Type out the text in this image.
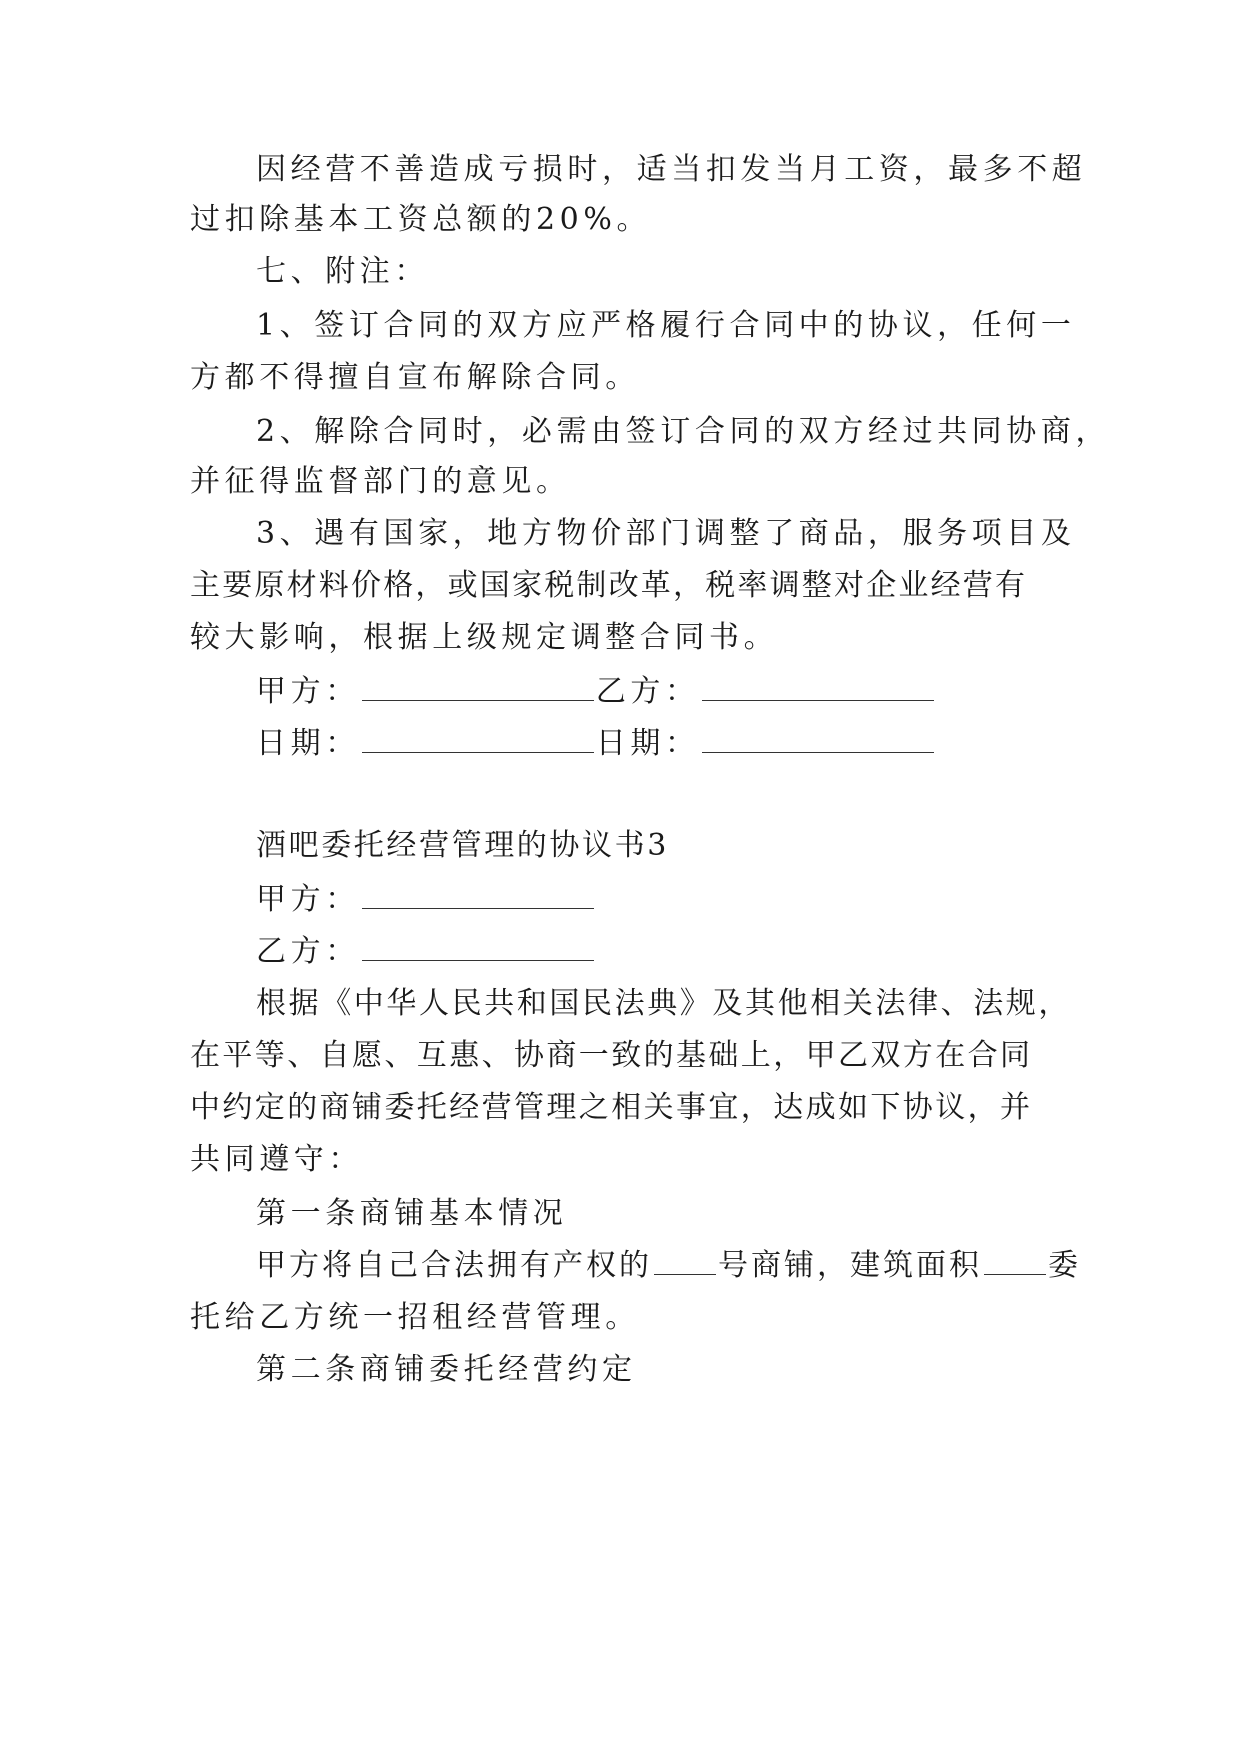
因经营不善造成亏损时，适当扣发当月工资，最多不超
过扣除基本工资总额的20%。
七、附注：
1、签订合同的双方应严格履行合同中的协议，任何一
方都不得擅自宣布解除合同。
2、解除合同时，必需由签订合同的双方经过共同协商，
并征得监督部门的意见。
3、遇有国家，地方物价部门调整了商品，服务项目及
主要原材料价格，或国家税制改革，税率调整对企业经营有
较大影响，根据上级规定调整合同书。
甲方：	乙方：
日期：	日期：
酒吧委托经营管理的协议书3
甲方：
乙方：
根据《中华人民共和国民法典》及其他相关法律、法规，
在平等、自愿、互惠、协商一致的基础上，甲乙双方在合同
中约定的商铺委托经营管理之相关事宜，达成如下协议，并
共同遵守：
第一条商铺基本情况
甲方将自己合法拥有产权的 号商铺，建筑面积 委
托给乙方统一招租经营管理。
第二条商铺委托经营约定
